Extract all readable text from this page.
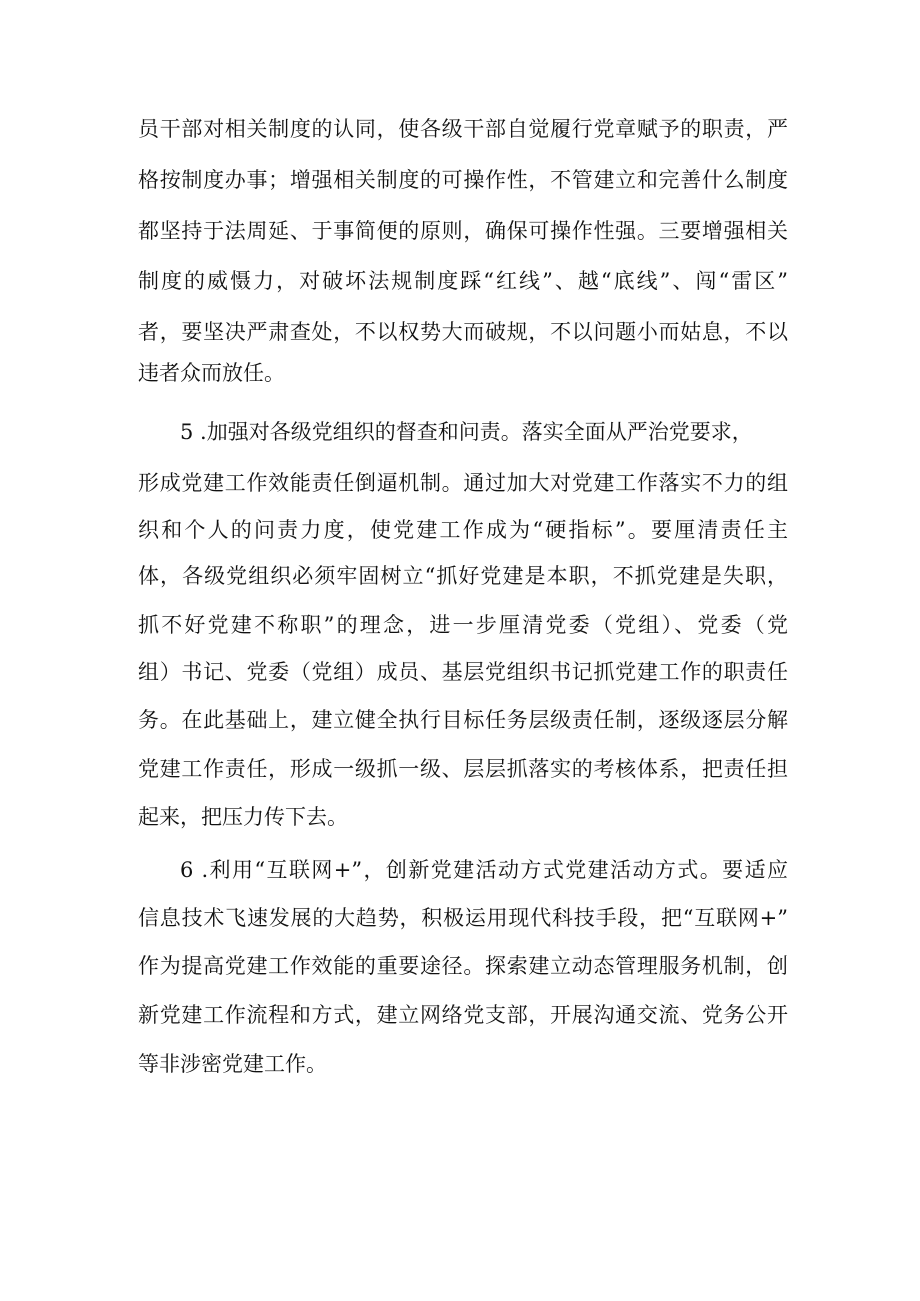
员干部对相关制度的认同，使各级干部自觉履行党章赋予的职责，严
格按制度办事；增强相关制度的可操作性，不管建立和完善什么制度
都坚持于法周延、于事简便的原则，确保可操作性强。三要增强相关
制度的威慑力，对破坏法规制度踩“红线”、越“底线”、闯“雷区”
者，要坚决严肃查处，不以权势大而破规，不以问题小而姑息，不以
违者众而放任。
5 .加强对各级党组织的督查和问责。落实全面从严治党要求，
形成党建工作效能责任倒逼机制。通过加大对党建工作落实不力的组
织和个人的问责力度，使党建工作成为“硬指标”。要厘清责任主
体，各级党组织必须牢固树立“抓好党建是本职，不抓党建是失职，
抓不好党建不称职”的理念，进一步厘清党委（党组）、党委（党
组）书记、党委（党组）成员、基层党组织书记抓党建工作的职责任
务。在此基础上，建立健全执行目标任务层级责任制，逐级逐层分解
党建工作责任，形成一级抓一级、层层抓落实的考核体系，把责任担
起来，把压力传下去。
6 .利用“互联网+”，创新党建活动方式党建活动方式。要适应
信息技术飞速发展的大趋势，积极运用现代科技手段，把“互联网+”
作为提高党建工作效能的重要途径。探索建立动态管理服务机制，创
新党建工作流程和方式，建立网络党支部，开展沟通交流、党务公开
等非涉密党建工作。
